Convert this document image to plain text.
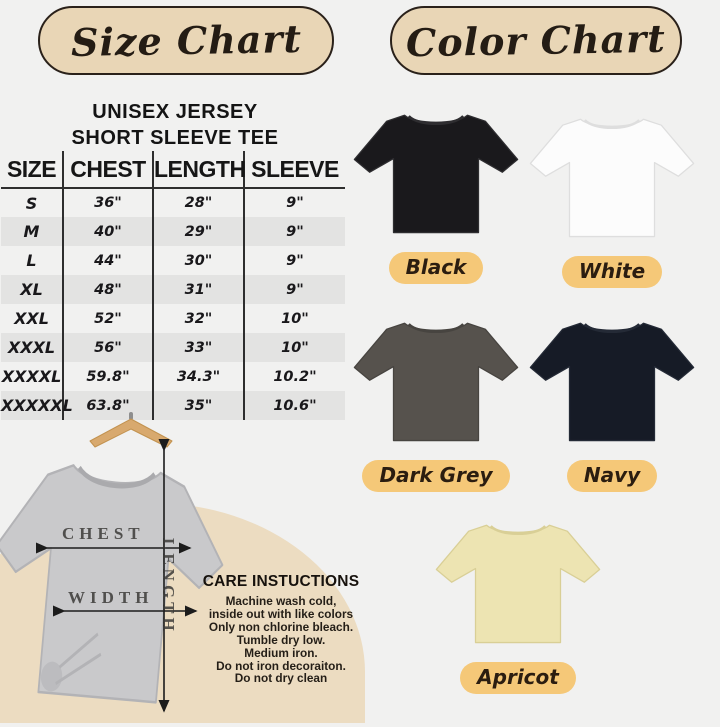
Size Chart	Color Chart
UNISEX JERSEY
SHORT SLEEVE TEE
SIZE	CHEST	LENGTH	SLEEVE
S	36"	28"	9"
M	40"	29"	9"
L	44"	30"	9"
XL	48"	31"	9"
XXL	52"	32"	10"
XXXL	56"	33"	10"
XXXXL	59.8"	34.3"	10.2"
XXXXXL	63.8"	35"	10.6"
CHEST
WIDTH LENGTH	CARE INSTUCTIONS
Machine wash cold,
inside out with like colors
Only non chlorine bleach.
Tumble dry low.
Medium iron.
Do not iron decoraiton.
Do not dry clean
Black	White
Dark Grey	Navy
Apricot
